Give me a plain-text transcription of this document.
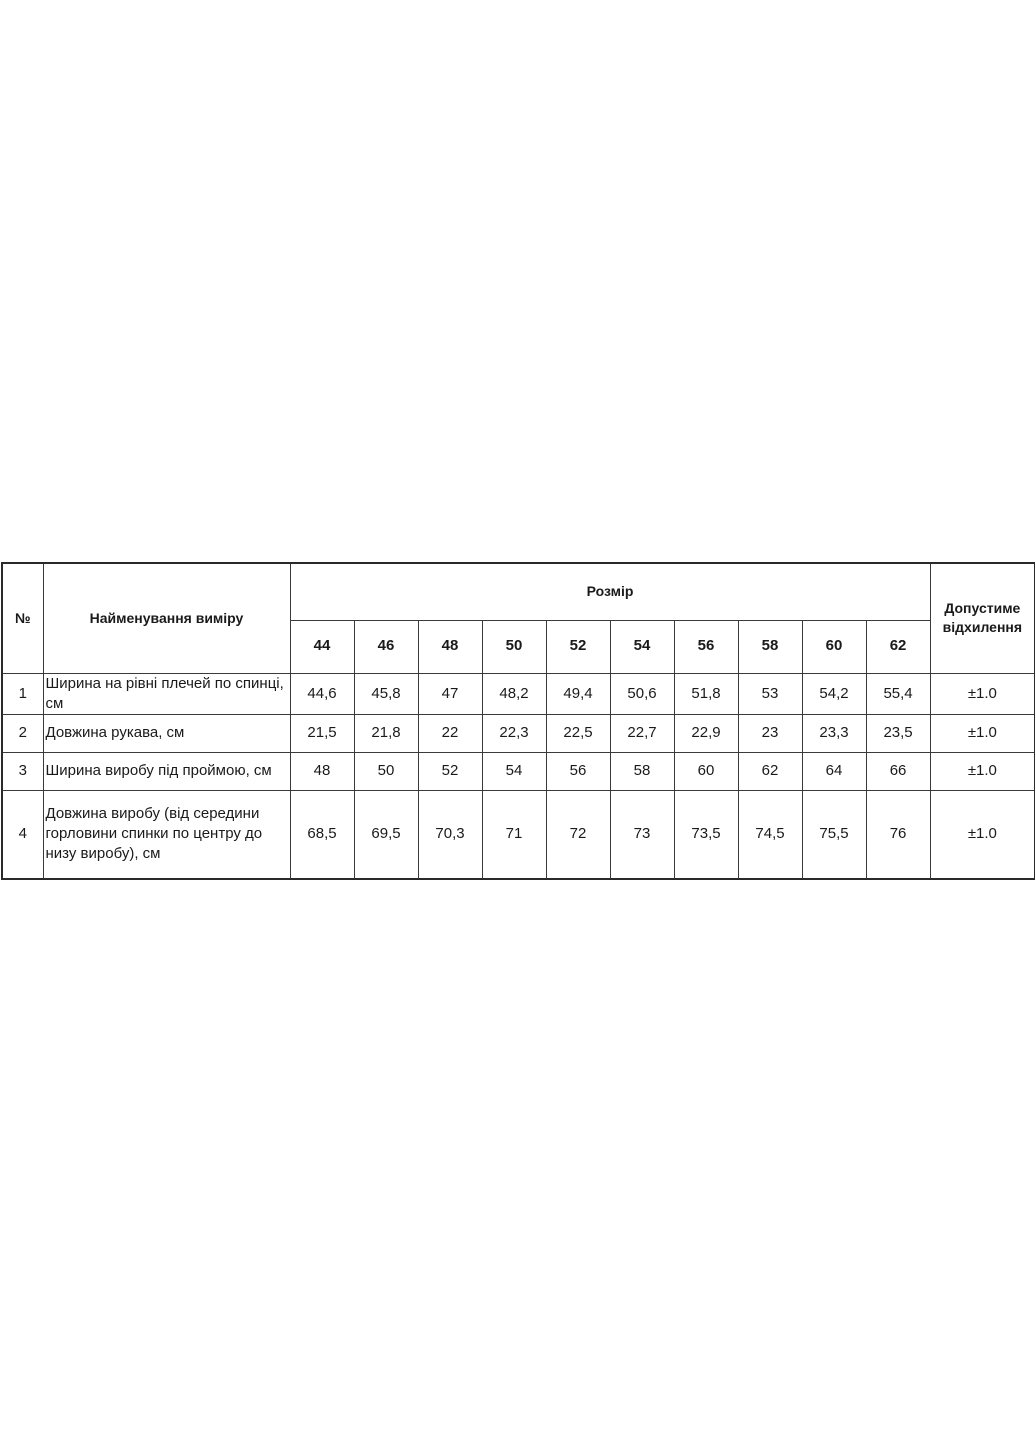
№	Найменування виміру	Розмір										Допустиме відхилення
		44	46	48	50	52	54	56	58	60	62	
1	Ширина на рівні плечей по спинці, см	44,6	45,8	47	48,2	49,4	50,6	51,8	53	54,2	55,4	±1.0
2	Довжина рукава, см	21,5	21,8	22	22,3	22,5	22,7	22,9	23	23,3	23,5	±1.0
3	Ширина виробу під проймою, см	48	50	52	54	56	58	60	62	64	66	±1.0
4	Довжина виробу (від середини горловини спинки по центру до низу виробу), см	68,5	69,5	70,3	71	72	73	73,5	74,5	75,5	76	±1.0
